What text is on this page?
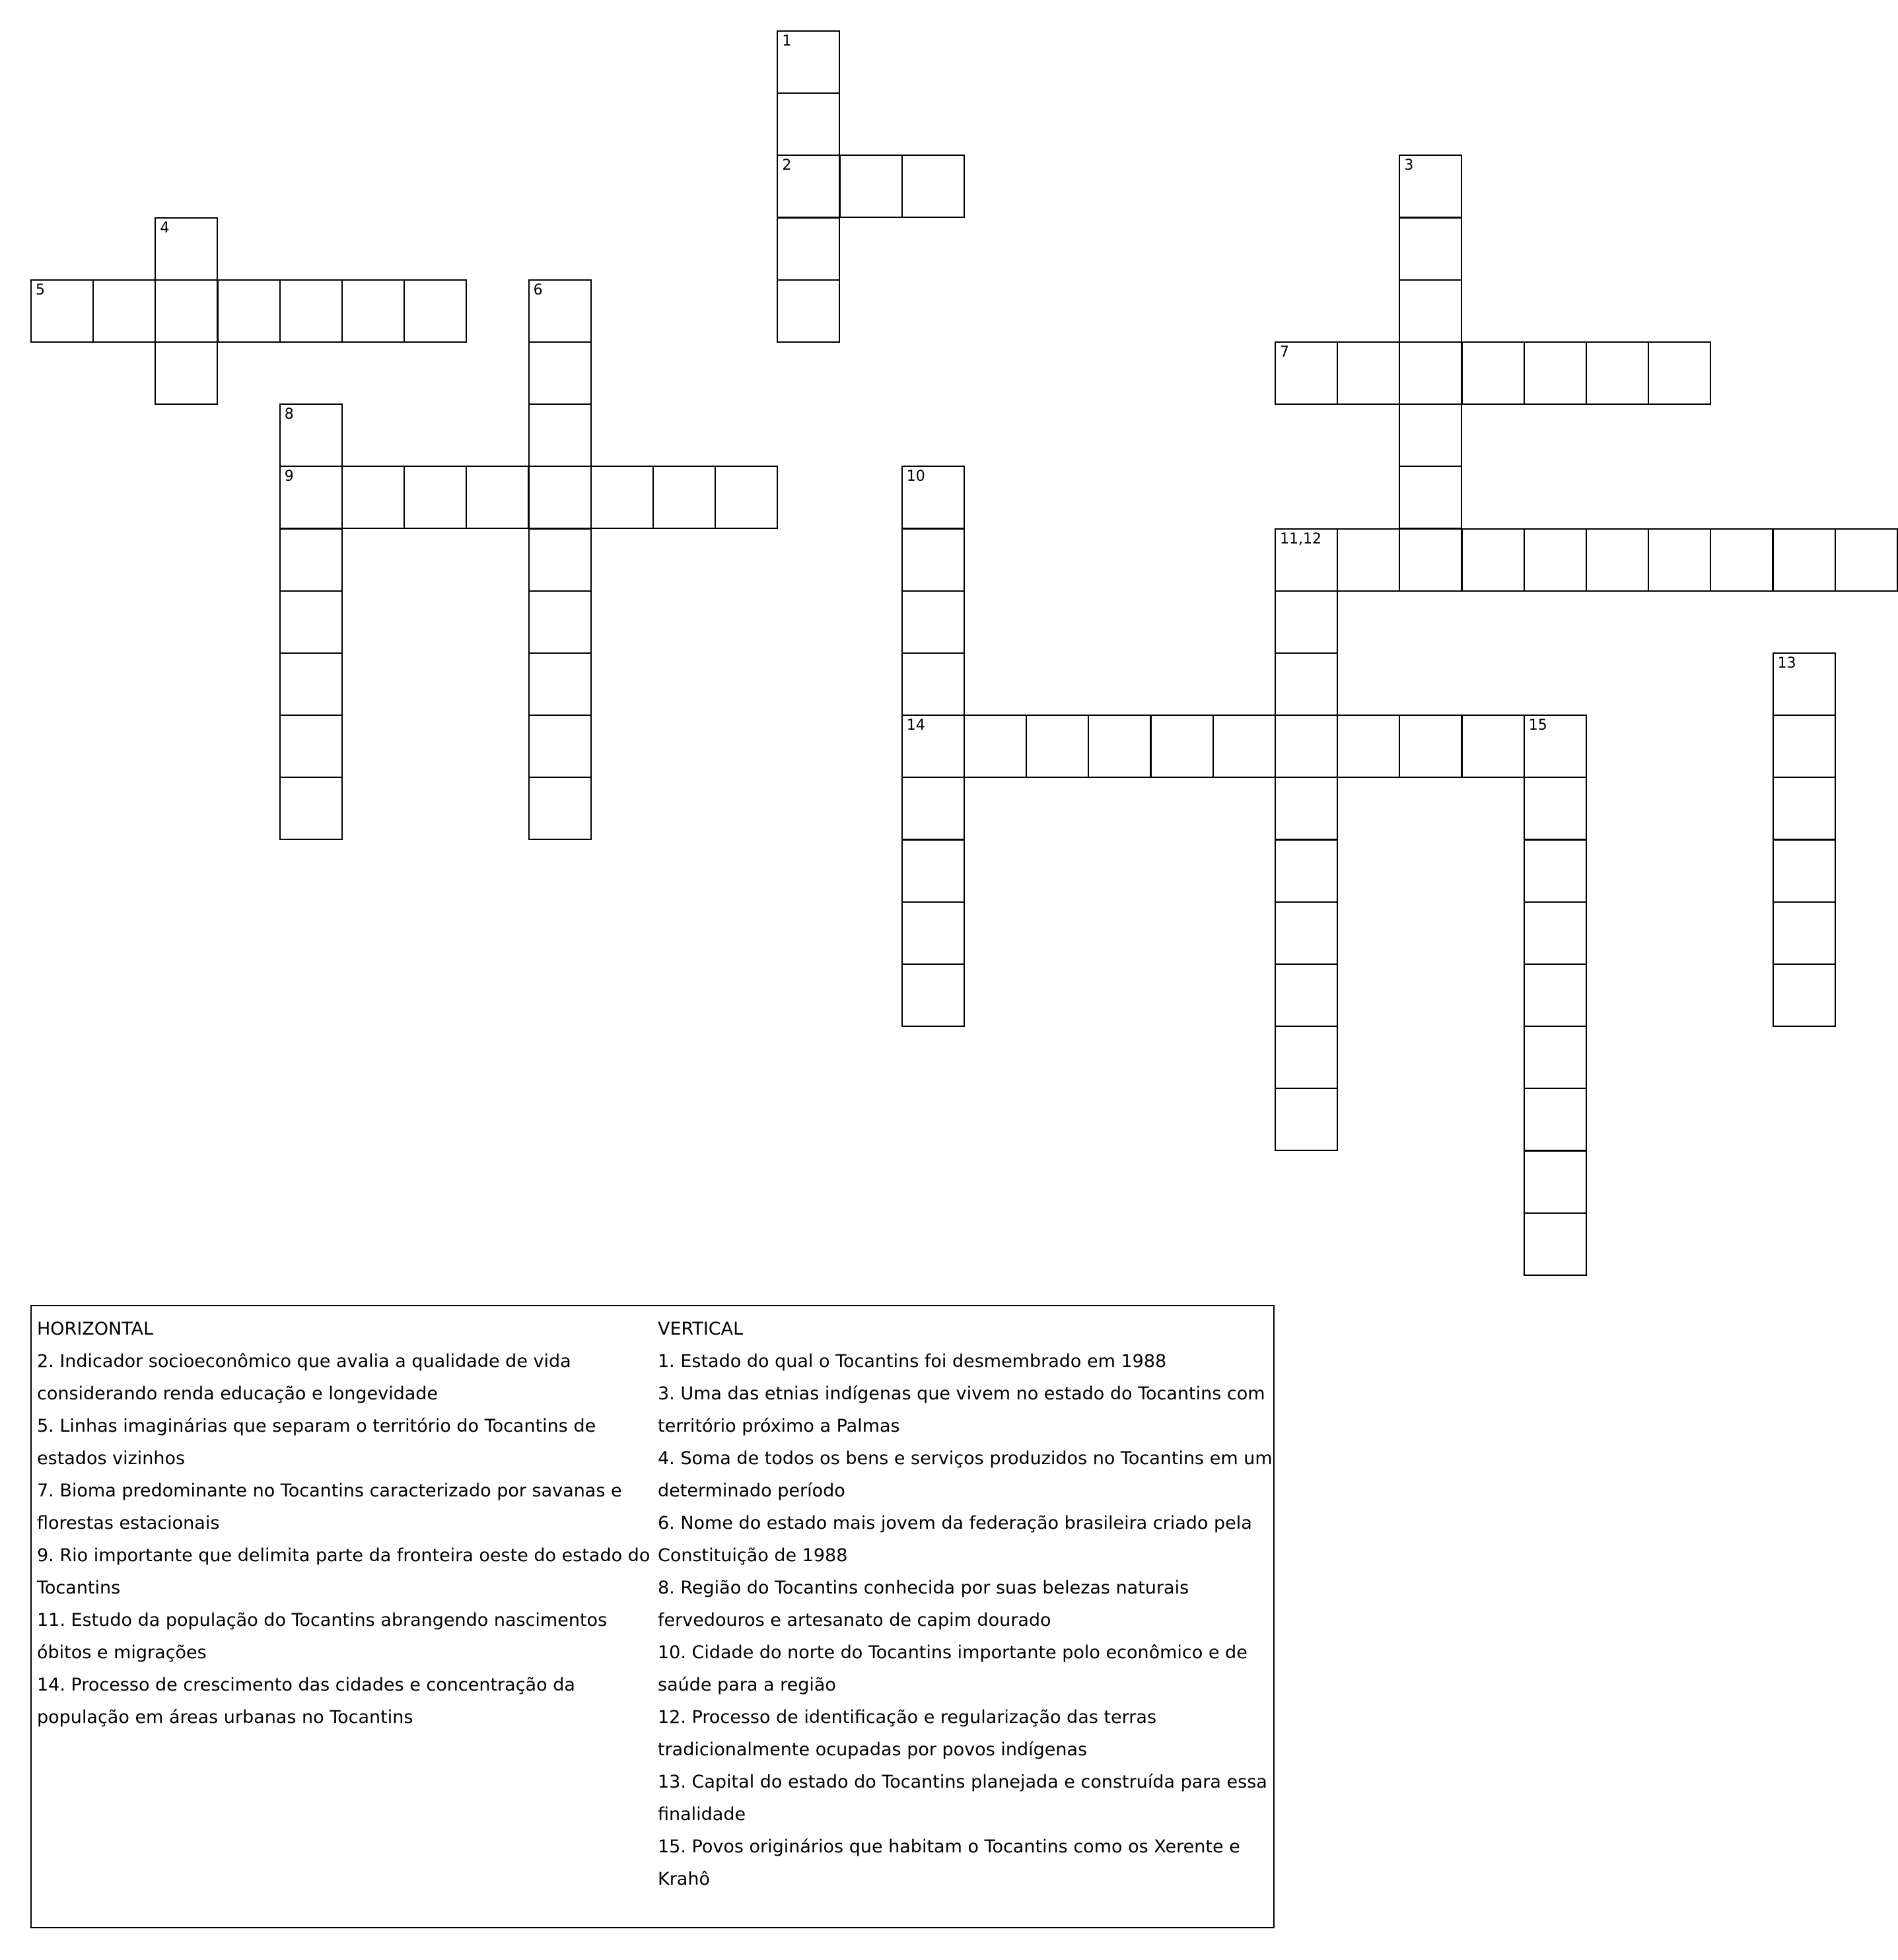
5
1
2
14
10
4
7
11,12
3
15
13
8
9
6
HORIZONTAL
2. Indicador socioeconômico que avalia a qualidade de vida
considerando renda educação e longevidade
5. Linhas imaginárias que separam o território do Tocantins de
estados vizinhos
7. Bioma predominante no Tocantins caracterizado por savanas e
florestas estacionais
9. Rio importante que delimita parte da fronteira oeste do estado do
Tocantins
11. Estudo da população do Tocantins abrangendo nascimentos
óbitos e migrações
14. Processo de crescimento das cidades e concentração da
população em áreas urbanas no Tocantins
VERTICAL
1. Estado do qual o Tocantins foi desmembrado em 1988
3. Uma das etnias indígenas que vivem no estado do Tocantins com
território próximo a Palmas
4. Soma de todos os bens e serviços produzidos no Tocantins em um
determinado período
6. Nome do estado mais jovem da federação brasileira criado pela
Constituição de 1988
8. Região do Tocantins conhecida por suas belezas naturais
fervedouros e artesanato de capim dourado
10. Cidade do norte do Tocantins importante polo econômico e de
saúde para a região
12. Processo de identificação e regularização das terras
tradicionalmente ocupadas por povos indígenas
13. Capital do estado do Tocantins planejada e construída para essa
finalidade
15. Povos originários que habitam o Tocantins como os Xerente e
Krahô
